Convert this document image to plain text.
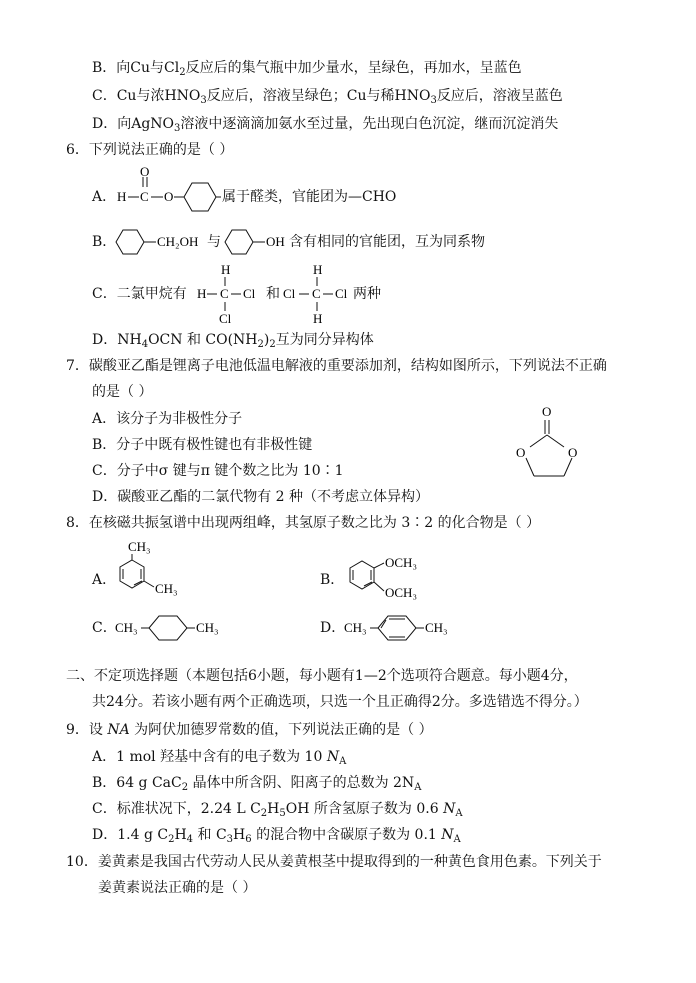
B．向Cu与$Cl_2$反应后的集气瓶中加少量水，呈绿色，再加水，呈蓝色
C．Cu与浓$HNO_3$反应后，溶液呈绿色；Cu与稀$HNO_3$反应后，溶液呈蓝色
D．向AgNO$_3$溶液中逐滴滴加氨水至过量，先出现白色沉淀，继而沉淀消失
6．下列说法正确的是（ ）
A． H C
O
O	属于醛类，官能团为—CHO
B．	CH₂OH 与	OH 含有相同的官能团，互为同系物
C．二氯甲烷有
H
H C Cl
Cl
和
H
Cl C Cl
H
两种
D．$NH_4OCN$ 和 $CO(NH_2)_2$互为同分异构体
7．碳酸亚乙酯是锂离子电池低温电解液的重要添加剂，结构如图所示，下列说法不正确
的是（ ）
A．该分子为非极性分子
B．分子中既有极性键也有非极性键
C．分子中σ 键与π 键个数之比为 10∶1
D．碳酸亚乙酯的二氯代物有 2 种（不考虑立体异构）
O
O	O
8．在核磁共振氢谱中出现两组峰，其氢原子数之比为 3∶2 的化合物是（ ）
A．
CH₃
CH₃
B．
OCH₃
OCH₃
C．
CH₃	CH₃	D．
CH₃	CH₃
二、不定项选择题（本题包括6小题，每小题有1—2个选项符合题意。每小题4分，
共24分。若该小题有两个正确选项，只选一个且正确得2分。多选错选不得分。）
9．设 NA 为阿伏加德罗常数的值，下列说法正确的是（ ）
A．1 mol 羟基中含有的电子数为 10 $N_A$
B．64 g CaC$_2$ 晶体中所含阴、阳离子的总数为 $2N_A$
C．标准状况下，2.24 L $C_2H_5OH$ 所含氢原子数为 0.6 $N_A$
D．1.4 g $C_2H_4$ 和 $C_3H_6$ 的混合物中含碳原子数为 0.1 $N_A$
10．姜黄素是我国古代劳动人民从姜黄根茎中提取得到的一种黄色食用色素。下列关于
姜黄素说法正确的是（ ）
